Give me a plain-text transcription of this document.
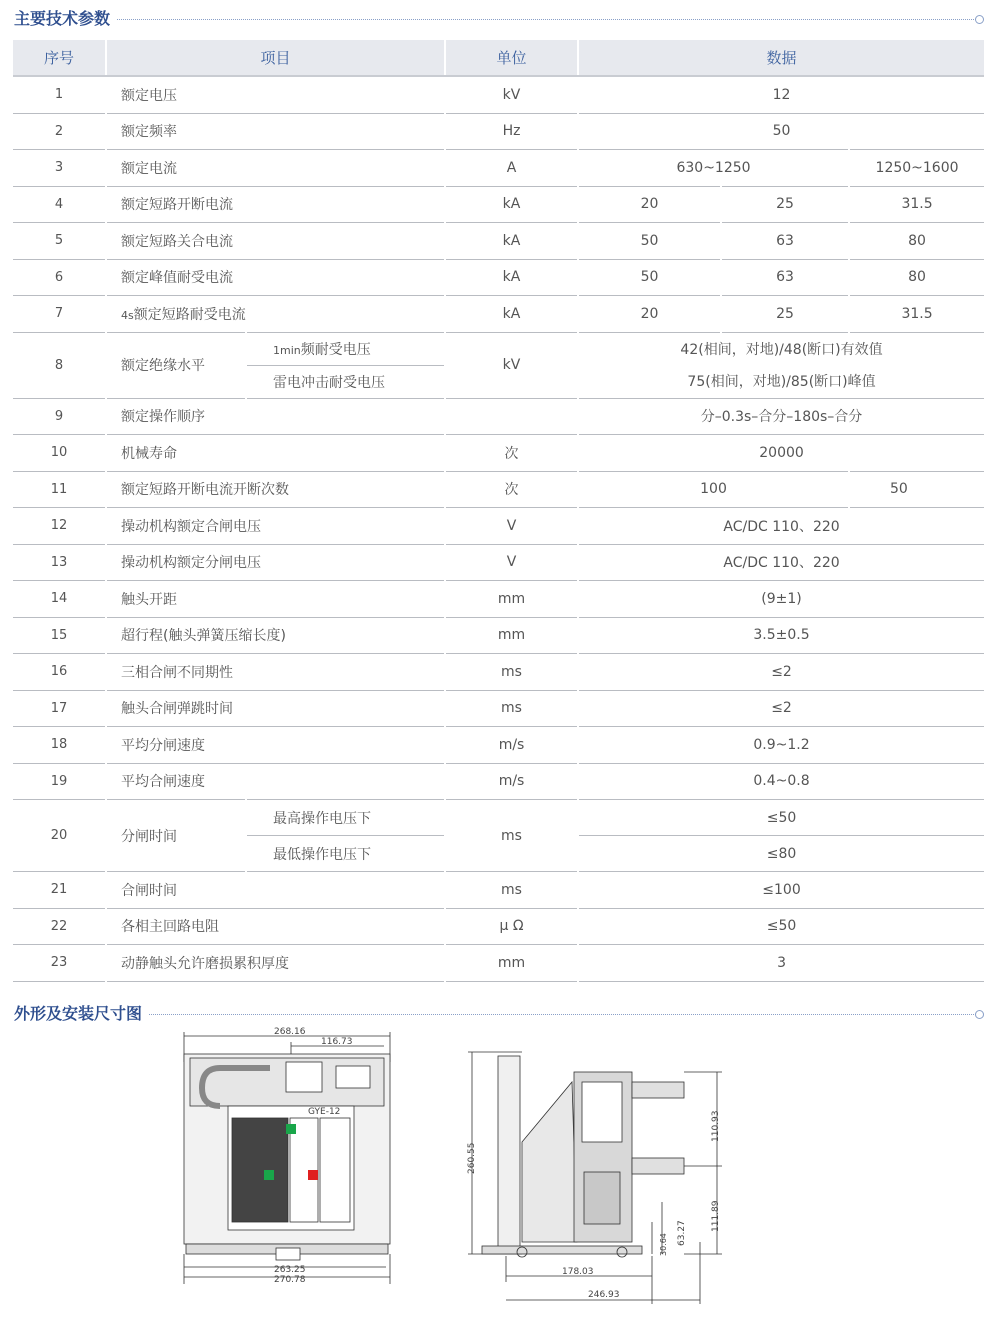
主要技术参数
序号	项目		单位	数据		
1	额定电压		kV	12		
2	额定频率		Hz	50		
3	额定电流		A	630~1250		1250~1600
4	额定短路开断电流		kA	20	25	31.5
5	额定短路关合电流		kA	50	63	80
6	额定峰值耐受电流		kA	50	63	80
7	4s额定短路耐受电流		kA	20	25	31.5
8	额定绝缘水平	1min频耐受电压	kV	42(相间，对地)/48(断口)有效值		
		雷电冲击耐受电压		75(相间，对地)/85(断口)峰值		
9	额定操作顺序			分–0.3s–合分–180s–合分		
10	机械寿命		次	20000		
11	额定短路开断电流开断次数		次	100		50
12	操动机构额定合闸电压		V	AC/DC 110、220		
13	操动机构额定分闸电压		V	AC/DC 110、220		
14	触头开距		mm	(9±1)		
15	超行程(触头弹簧压缩长度)		mm	3.5±0.5		
16	三相合闸不同期性		ms	≤2		
17	触头合闸弹跳时间		ms	≤2		
18	平均分闸速度		m/s	0.9~1.2		
19	平均合闸速度		m/s	0.4~0.8		
20	分闸时间	最高操作电压下	ms	≤50		
		最低操作电压下		≤80		
21	合闸时间		ms	≤100		
22	各相主回路电阻		μ Ω	≤50		
23	动静触头允许磨损累积厚度		mm	3		
外形及安装尺寸图
GYE-12
268.16
116.73
263.25
270.78
260.55
110.93
111.89
63.27
30.64
178.03
246.93
